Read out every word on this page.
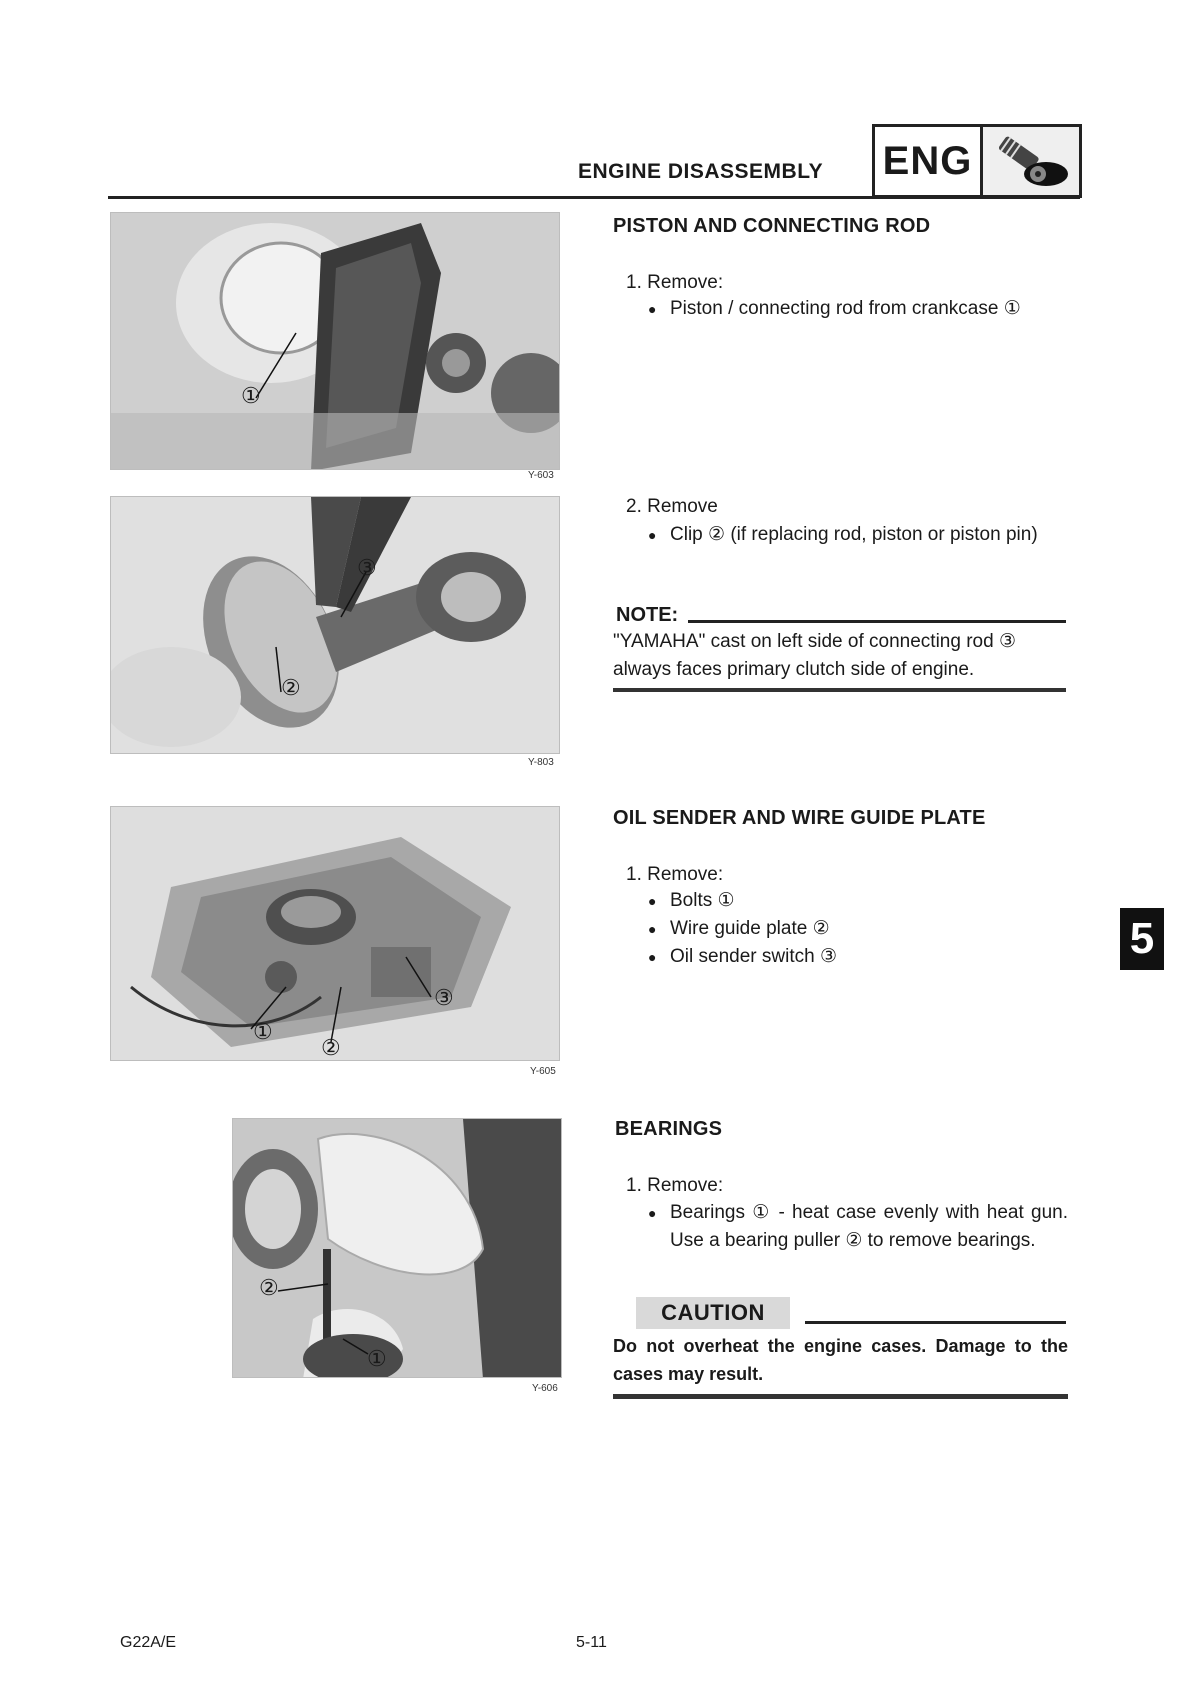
ENGINE DISASSEMBLY ENG
①
Y-603
③
②
Y-803
③
①
②
Y-605
②
①
Y-606
PISTON AND CONNECTING ROD
1. Remove:
● Piston / connecting rod from crankcase ①
2. Remove
● Clip ② (if replacing rod, piston or piston pin)
NOTE:
"YAMAHA" cast on left side of connecting rod ③ always faces primary clutch side of engine.
OIL SENDER AND WIRE GUIDE PLATE
1. Remove:
● Bolts ①
● Wire guide plate ②
● Oil sender switch ③	5
BEARINGS
1. Remove:
● Bearings ① - heat case evenly with heat gun. Use a bearing puller ② to remove bearings.
CAUTION
Do not overheat the engine cases. Damage to the cases may result.
G22A/E	5-11
